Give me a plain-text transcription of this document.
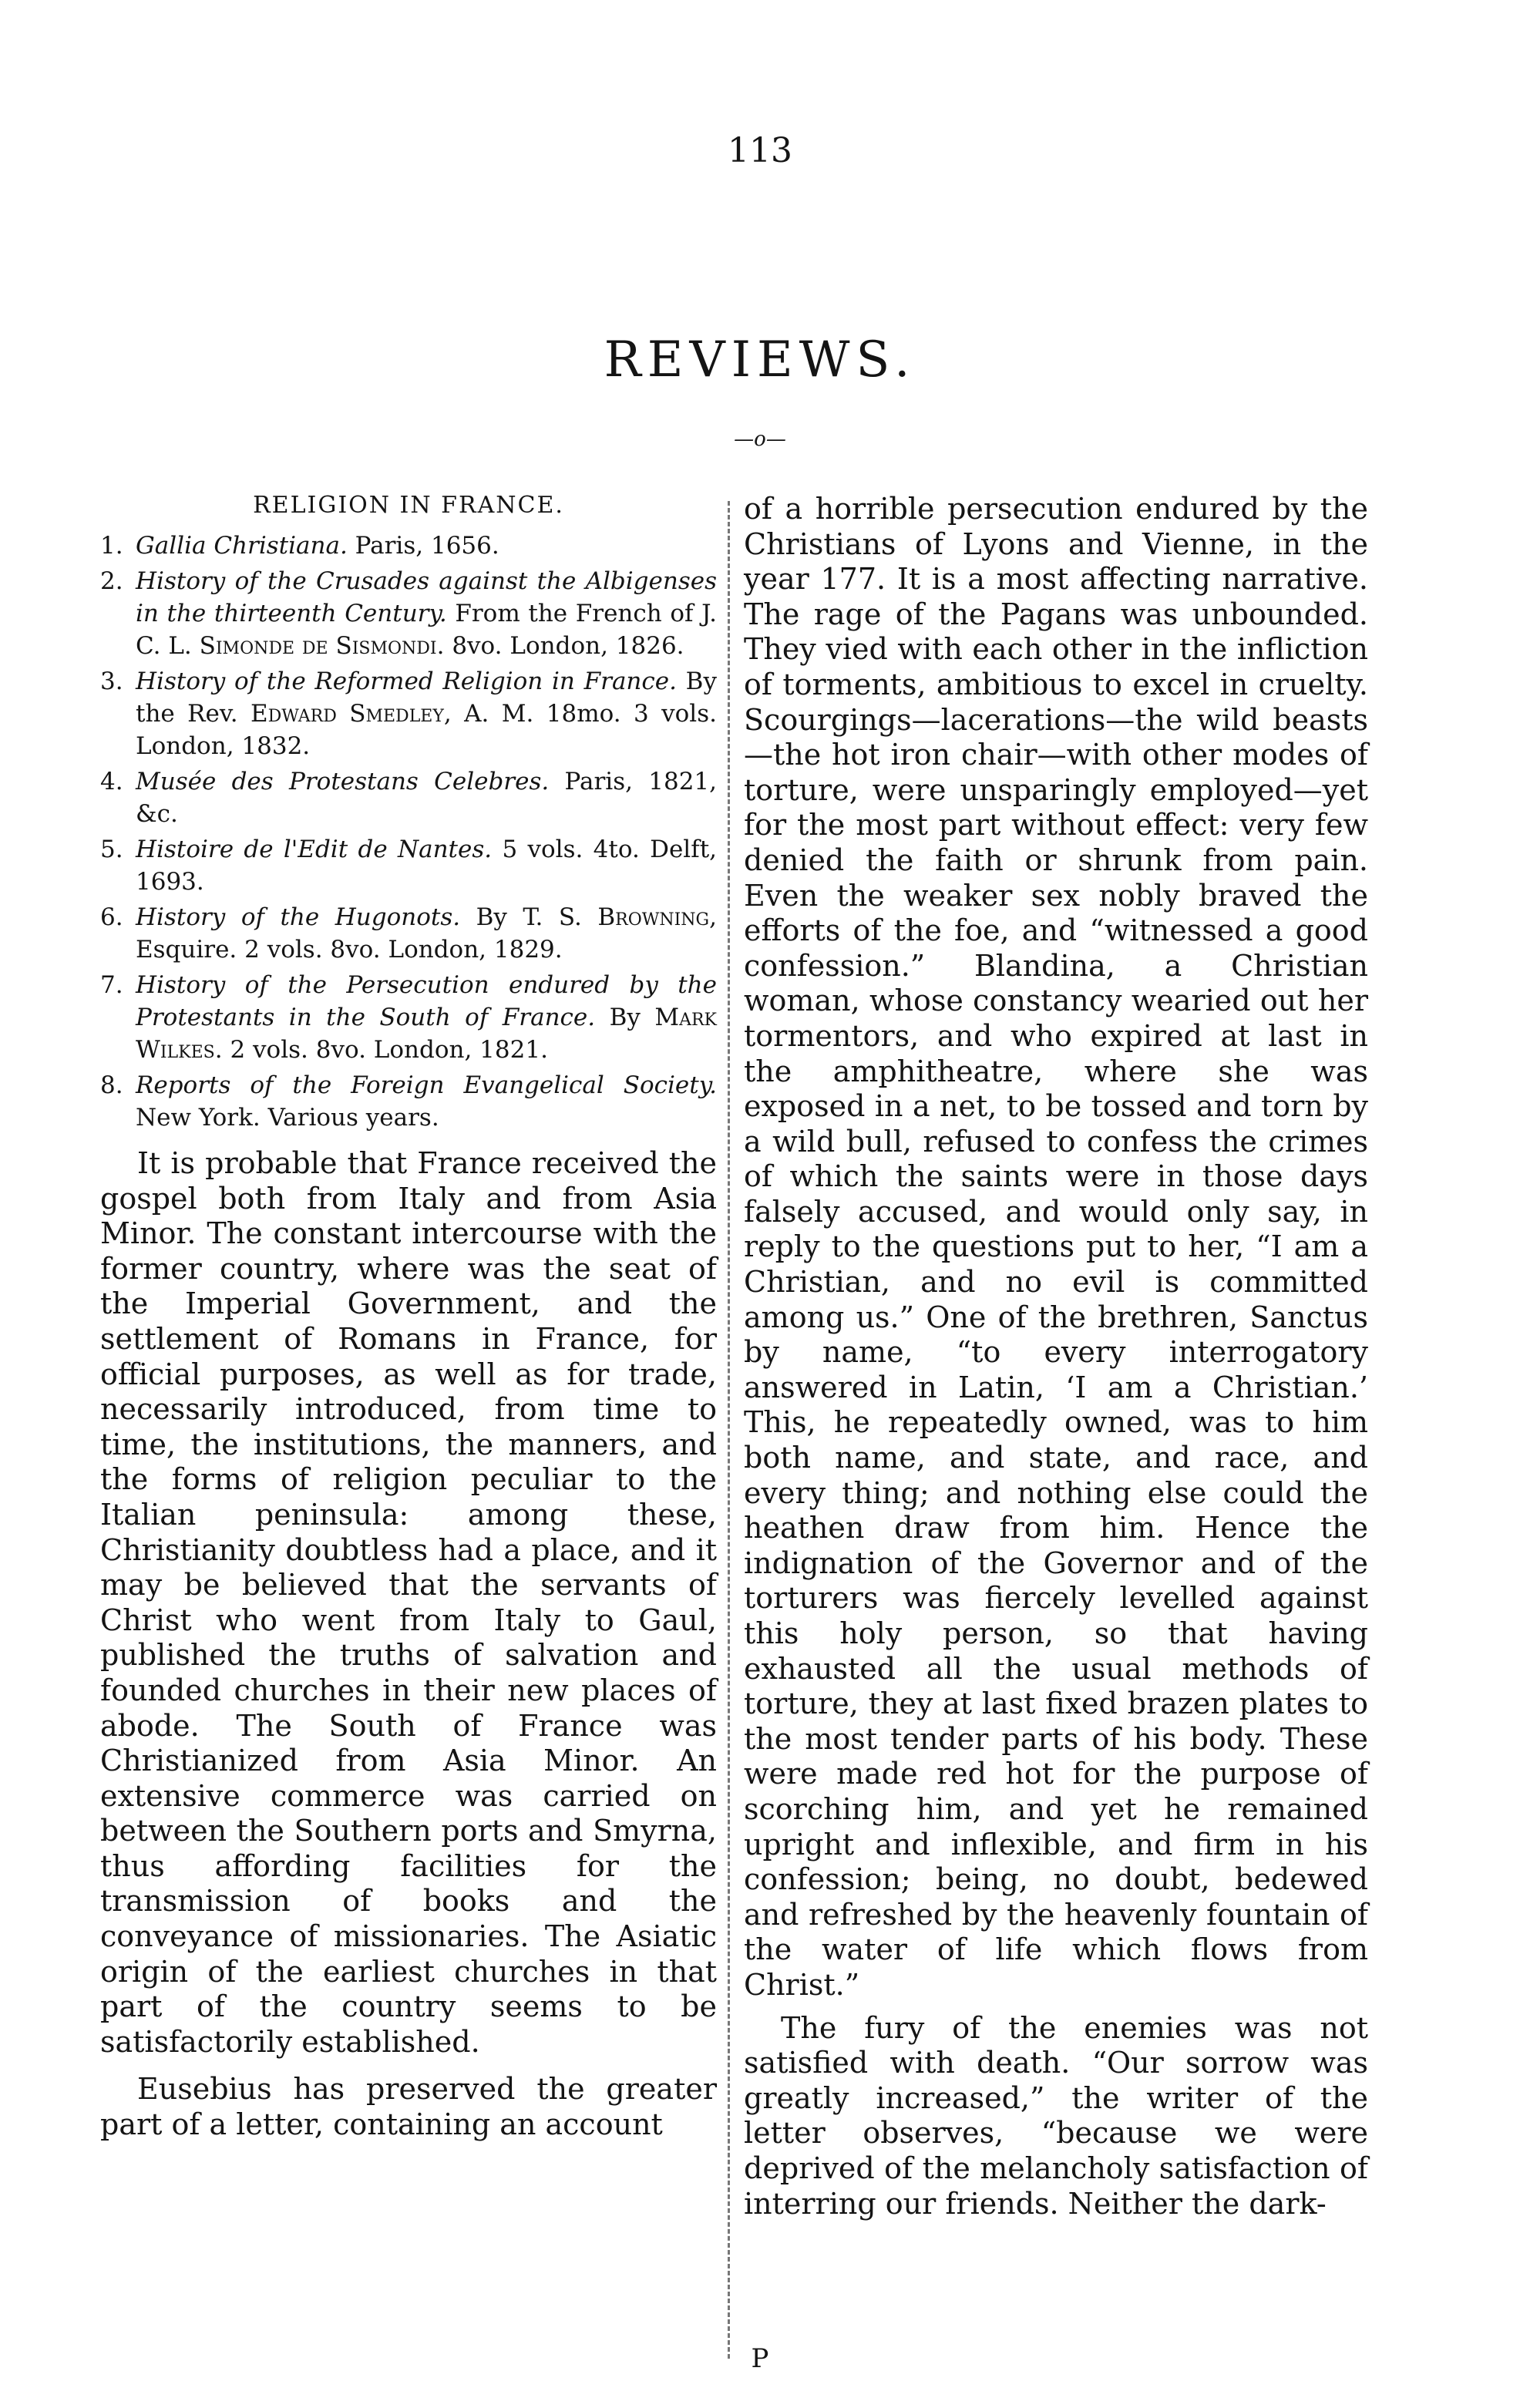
113
REVIEWS.
—o—
RELIGION IN FRANCE.
1. Gallia Christiana. Paris, 1656.
2. History of the Crusades against the Albigenses in the thirteenth Century. From the French of J. C. L. Simonde de Sismondi. 8vo. London, 1826.
3. History of the Reformed Religion in France. By the Rev. Edward Smedley, A. M. 18mo. 3 vols. London, 1832.
4. Musée des Protestans Celebres. Paris, 1821, &c.
5. Histoire de l'Edit de Nantes. 5 vols. 4to. Delft, 1693.
6. History of the Hugonots. By T. S. Browning, Esquire. 2 vols. 8vo. London, 1829.
7. History of the Persecution endured by the Protestants in the South of France. By Mark Wilkes. 2 vols. 8vo. London, 1821.
8. Reports of the Foreign Evangelical Society. New York. Various years.

It is probable that France received the gospel both from Italy and from Asia Minor. The constant intercourse with the former country, where was the seat of the Imperial Government, and the settlement of Romans in France, for official purposes, as well as for trade, necessarily introduced, from time to time, the institutions, the manners, and the forms of religion peculiar to the Italian peninsula: among these, Christianity doubtless had a place, and it may be believed that the servants of Christ who went from Italy to Gaul, published the truths of salvation and founded churches in their new places of abode. The South of France was Christianized from Asia Minor. An extensive commerce was carried on between the Southern ports and Smyrna, thus affording facilities for the transmission of books and the conveyance of missionaries. The Asiatic origin of the earliest churches in that part of the country seems to be satisfactorily established.

Eusebius has preserved the greater part of a letter, containing an account

of a horrible persecution endured by the Christians of Lyons and Vienne, in the year 177. It is a most affecting narrative. The rage of the Pagans was unbounded. They vied with each other in the infliction of torments, ambitious to excel in cruelty. Scourgings—lacerations—the wild beasts—the hot iron chair—with other modes of torture, were unsparingly employed—yet for the most part without effect: very few denied the faith or shrunk from pain. Even the weaker sex nobly braved the efforts of the foe, and “witnessed a good confession.” Blandina, a Christian woman, whose constancy wearied out her tormentors, and who expired at last in the amphitheatre, where she was exposed in a net, to be tossed and torn by a wild bull, refused to confess the crimes of which the saints were in those days falsely accused, and would only say, in reply to the questions put to her, “I am a Christian, and no evil is committed among us.” One of the brethren, Sanctus by name, “to every interrogatory answered in Latin, ‘I am a Christian.’ This, he repeatedly owned, was to him both name, and state, and race, and every thing; and nothing else could the heathen draw from him. Hence the indignation of the Governor and of the torturers was fiercely levelled against this holy person, so that having exhausted all the usual methods of torture, they at last fixed brazen plates to the most tender parts of his body. These were made red hot for the purpose of scorching him, and yet he remained upright and inflexible, and firm in his confession; being, no doubt, bedewed and refreshed by the heavenly fountain of the water of life which flows from Christ.”

The fury of the enemies was not satisfied with death. “Our sorrow was greatly increased,” the writer of the letter observes, “because we were deprived of the melancholy satisfaction of interring our friends. Neither the dark-

P
